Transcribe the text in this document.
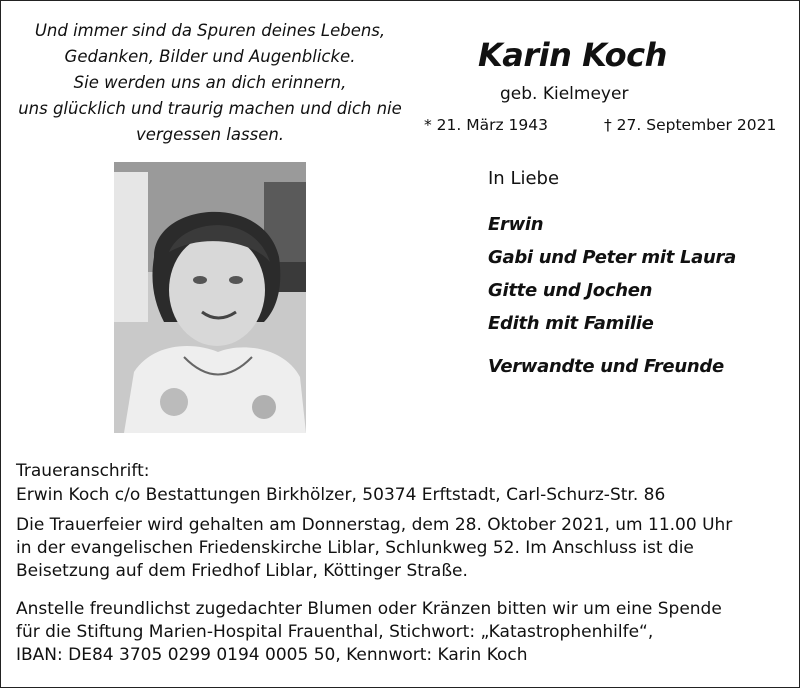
Und immer sind da Spuren deines Lebens,
Gedanken, Bilder und Augenblicke.
Sie werden uns an dich erinnern,
uns glücklich und traurig machen und dich nie
vergessen lassen.
Karin Koch
geb. Kielmeyer
* 21. März 1943	† 27. September 2021
In Liebe
Erwin
Gabi und Peter mit Laura
Gitte und Jochen
Edith mit Familie
Verwandte und Freunde
Traueranschrift:
Erwin Koch c/o Bestattungen Birkhölzer, 50374 Erftstadt, Carl-Schurz-Str. 86
Die Trauerfeier wird gehalten am Donnerstag, dem 28. Oktober 2021, um 11.00 Uhr
in der evangelischen Friedenskirche Liblar, Schlunkweg 52. Im Anschluss ist die
Beisetzung auf dem Friedhof Liblar, Köttinger Straße.
Anstelle freundlichst zugedachter Blumen oder Kränzen bitten wir um eine Spende
für die Stiftung Marien-Hospital Frauenthal, Stichwort: „Katastrophenhilfe“,
IBAN: DE84 3705 0299 0194 0005 50, Kennwort: Karin Koch
